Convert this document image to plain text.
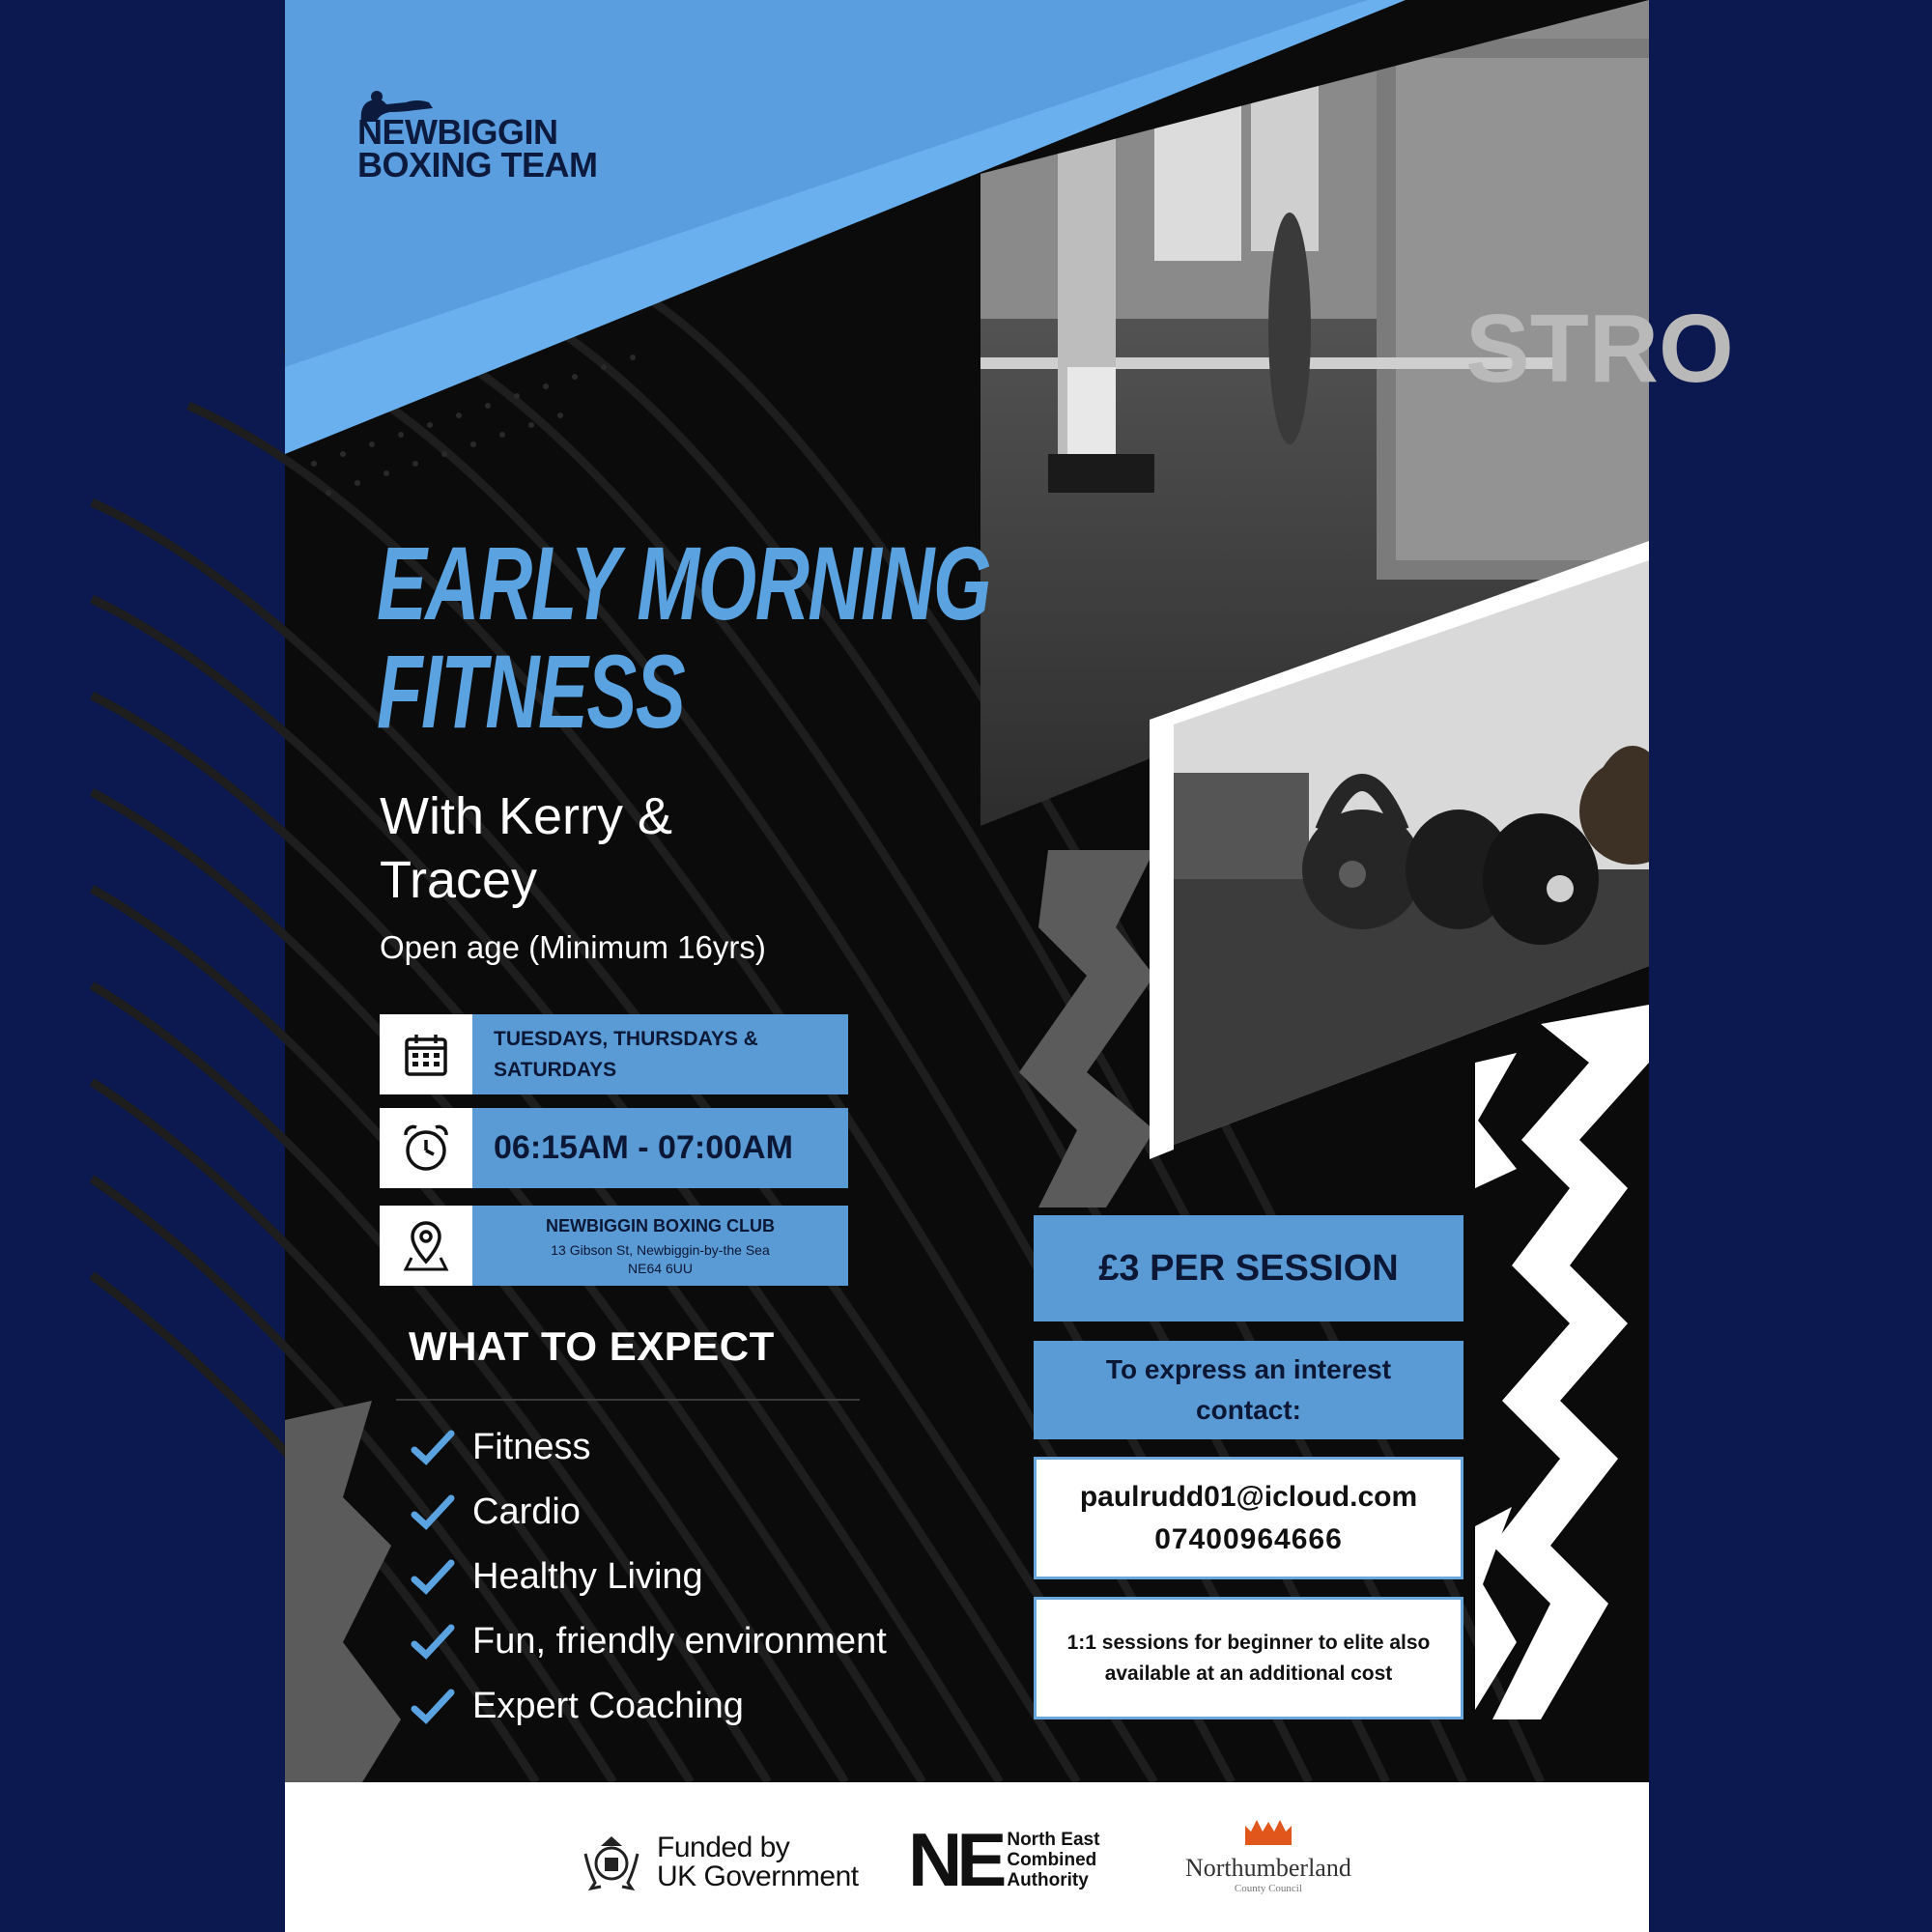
STRO
NEWBIGGIN
BOXING TEAM
EARLY MORNING
FITNESS
With Kerry & Tracey
Open age (Minimum 16yrs)
TUESDAYS, THURSDAYS & SATURDAYS
06:15AM - 07:00AM
NEWBIGGIN BOXING CLUB
13 Gibson St, Newbiggin-by-the Sea
NE64 6UU
WHAT TO EXPECT
Fitness
Cardio
Healthy Living
Fun, friendly environment
Expert Coaching
£3 PER SESSION
To express an interest contact:
paulrudd01@icloud.com
07400964666
1:1 sessions for beginner to elite also available at an additional cost
Funded by
UK Government NE North East
Combined
Authority	Northumberland
County Council
